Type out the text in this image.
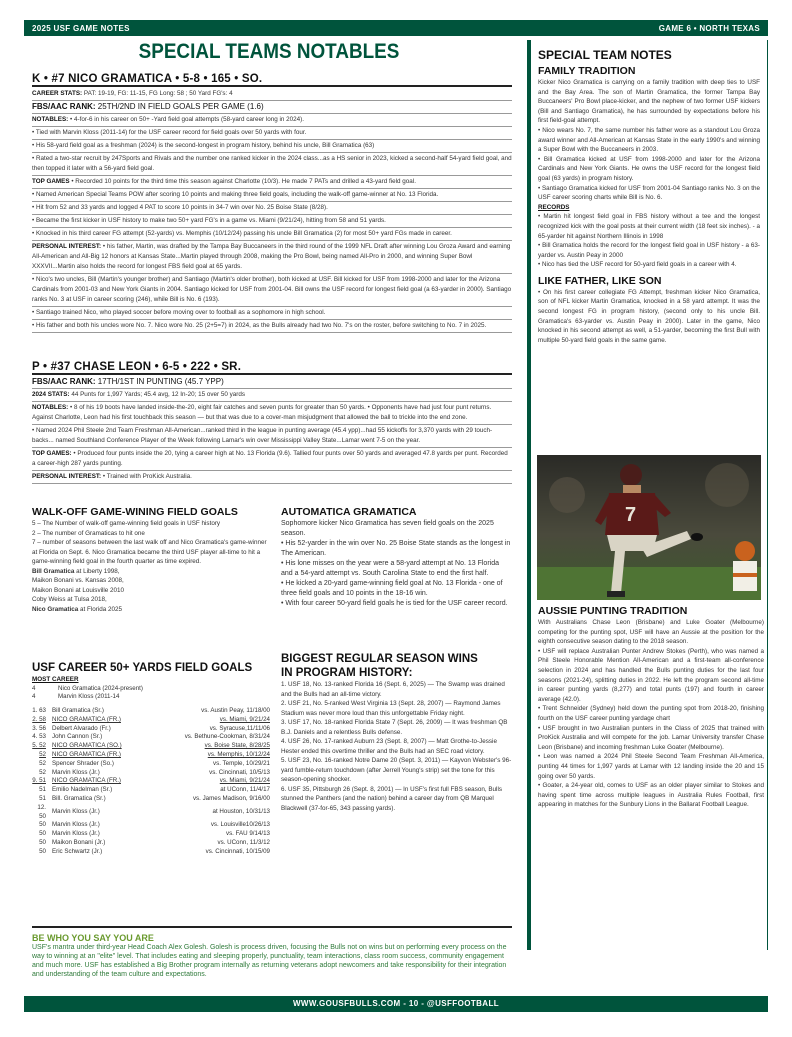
2025 USF GAME NOTES	GAME 6 • NORTH TEXAS
SPECIAL TEAMS NOTABLES
K • #7 NICO GRAMATICA • 5-8 • 165 • SO.
CAREER STATS: PAT: 19-19, FG: 11-15, FG Long: 58 ; 50 Yard FG's: 4
FBS/AAC RANK: 25TH/2ND IN FIELD GOALS PER GAME (1.6)
NOTABLES: • 4-for-6 in his career on 50+ -Yard field goal attempts (58-yard career long in 2024).
• Tied with Marvin Kloss (2011-14) for the USF career record for field goals over 50 yards with four.
• His 58-yard field goal as a freshman (2024) is the second-longest in program history, behind his uncle, Bill Gramatica (63)
• Rated a two-star recruit by 247Sports and Rivals and the number one ranked kicker in the 2024 class...as a HS senior in 2023, kicked a second-half 54-yard field goal, and then topped it later with a 56-yard field goal.
TOP GAMES • Recorded 10 points for the third time this season against Charlotte (10/3). He made 7 PATs and drilled a 43-yard field goal.
• Named American Special Teams POW after scoring 10 points and making three field goals, including the walk-off game-winner at No. 13 Florida.
• Hit from 52 and 33 yards and logged 4 PAT to score 10 points in 34-7 win over No. 25 Boise State (8/28).
• Became the first kicker in USF history to make two 50+ yard FG's in a game vs. Miami (9/21/24), hitting from 58 and 51 yards.
• Knocked in his third career FG attempt (52-yards) vs. Memphis (10/12/24) passing his uncle Bill Gramatica (2) for most 50+ yard FGs made in career.
PERSONAL INTEREST: • his father, Martin, was drafted by the Tampa Bay Buccaneers in the third round of the 1999 NFL Draft after winning Lou Groza Award and earning All-American and All-Big 12 honors at Kansas State...Martin played through 2008, making the Pro Bowl, being named All-Pro in 2000, and winning Super Bowl XXXVII...Martin also holds the record for longest FBS field goal at 65 yards.
• Nico's two uncles, Bill (Martin's younger brother) and Santiago (Martin's older brother), both kicked at USF. Bill kicked for USF from 1998-2000 and later for the Arizona Cardinals from 2001-03 and New York Giants in 2004. Santiago kicked for USF from 2001-04. Bill owns the USF record for longest field goal (a 63-yarder in 2000). Santiago ranks No. 3 at USF in career scoring (246), while Bill is No. 6 (193).
• Santiago trained Nico, who played soccer before moving over to football as a sophomore in high school.
• His father and both his uncles wore No. 7. Nico wore No. 25 (2+5=7) in 2024, as the Bulls already had two No. 7's on the roster, before switching to No. 7 in 2025.
P • #37 CHASE LEON • 6-5 • 222 • SR.
FBS/AAC RANK: 17TH/1ST IN PUNTING (45.7 YPP)
2024 STATS: 44 Punts for 1,997 Yards; 45.4 avg, 12 In-20; 15 over 50 yards
NOTABLES: • 8 of his 19 boots have landed inside-the-20, eight fair catches and seven punts for greater than 50 yards. • Opponents have had just four punt returns. Against Charlotte, Leon had his first touchback this season — but that was due to a cover-man misjudgment that allowed the ball to trickle into the end zone.
• Named 2024 Phil Steele 2nd Team Freshman All-American...ranked third in the league in punting average (45.4 ypp)...had 55 kickoffs for 3,370 yards with 29 touch-backs... named Southland Conference Player of the Week following Lamar's win over Mississippi Valley State...Lamar went 7-5 on the year.
TOP GAMES: • Produced four punts inside the 20, tying a career high at No. 13 Florida (9.6). Tallied four punts over 50 yards and averaged 47.8 yards per punt. Recorded a career-high 287 yards punting.
PERSONAL INTEREST: • Trained with ProKick Australia.
WALK-OFF GAME-WINING FIELD GOALS
5 – The Number of walk-off game-winning field goals in USF history
2 – The number of Gramaticas to hit one
7 – number of seasons between the last walk off and Nico Gramatica's game-winner at Florida on Sept. 6. Nico Gramatica became the third USF player all-time to hit a game-winning field goal in the fourth quarter as time expired.
Bill Gramatica at Liberty 1998,
Maikon Bonani vs. Kansas 2008,
Maikon Bonani at Louisville 2010
Coby Weiss at Tulsa 2018,
Nico Gramatica at Florida 2025
USF CAREER 50+ YARDS FIELD GOALS
MOST CAREER
4	Nico Gramatica (2024-present)
4	Marvin Kloss (2011-14
1. 63	Bill Gramatica (Sr.)	vs. Austin Peay, 11/18/00
2. 58	NICO GRAMATICA (FR.)	vs. Miami, 9/21/24
3. 56	Delbert Alvarado (Fr.)	vs. Syracuse,11/11/06
4. 53	John Cannon (Sr.)	vs. Bethune-Cookman, 8/31/24
5. 52	NICO GRAMATICA (SO.)	vs. Boise State, 8/28/25
52	NICO GRAMATICA (FR.)	vs. Memphis, 10/12/24
52	Spencer Shrader (So.)	vs. Temple, 10/29/21
52	Marvin Kloss (Jr.)	vs. Cincinnati, 10/5/13
9. 51	NICO GRAMATICA (FR.)	vs. Miami, 9/21/24
51	Emilio Nadelman (Sr.)	at UConn, 11/4/17
51	Bill. Gramatica (Sr.)	vs. James Madison, 9/16/00
12. 50	Marvin Kloss (Jr.)	at Houston, 10/31/13
50	Marvin Kloss (Jr.)	vs. Louisville10/26/13
50	Marvin Kloss (Jr.)	vs. FAU 9/14/13
50	Maikon Bonani (Jr.)	vs. UConn, 11/3/12
50	Eric Schwartz (Jr.)	vs. Cincinnati, 10/15/09
AUTOMATICA GRAMATICA
Sophomore kicker Nico Gramatica has seven field goals on the 2025 season.
• His 52-yarder in the win over No. 25 Boise State stands as the longest in The American.
• His lone misses on the year were a 58-yard attempt at No. 13 Florida and a 54-yard attempt vs. South Carolina State to end the first half.
• He kicked a 20-yard game-winning field goal at No. 13 Florida - one of three field goals and 10 points in the 18-16 win.
• With four career 50-yard field goals he is tied for the USF career record.
BIGGEST REGULAR SEASON WINS
IN PROGRAM HISTORY:
1. USF 18, No. 13-ranked Florida 16 (Sept. 6, 2025) — The Swamp was drained and the Bulls had an all-time victory.
2. USF 21, No. 5-ranked West Virginia 13 (Sept. 28, 2007) — Raymond James Stadium was never more loud than this unforgettable Friday night.
3. USF 17, No. 18-ranked Florida State 7 (Sept. 26, 2009) — It was freshman QB B.J. Daniels and a relentless Bulls defense.
4. USF 26, No. 17-ranked Auburn 23 (Sept. 8, 2007) — Matt Grothe-to-Jessie Hester ended this overtime thriller and the Bulls had an SEC road victory.
5. USF 23, No. 16-ranked Notre Dame 20 (Sept. 3, 2011) — Kayvon Webster's 96-yard fumble-return touchdown (after Jerrell Young's strip) set the tone for this season-opening shocker.
6. USF 35, Pittsburgh 26 (Sept. 8, 2001) — In USF's first full FBS season, Bulls stunned the Panthers (and the nation) behind a career day from QB Marquel Blackwell (37-for-65, 343 passing yards).
BE WHO YOU SAY YOU ARE
USF's mantra under third-year Head Coach Alex Golesh. Golesh is process driven, focusing the Bulls not on wins but on performing every process on the way to winning at an "elite" level. That includes eating and sleeping properly, punctuality, team interactions, class room success, community engagement and much more. USF has established a Big Brother program internally as returning veterans adopt newcomers and take responsibility for their integration and understanding of the team culture and expectations.
SPECIAL TEAM NOTES
FAMILY TRADITION
Kicker Nico Gramatica is carrying on a family tradition with deep ties to USF and the Bay Area. The son of Martin Gramatica, the former Tampa Bay Buccaneers' Pro Bowl place-kicker, and the nephew of two former USF kickers (Bill and Santiago Gramatica), he has surrounded by expectations before his first field-goal attempt.
• Nico wears No. 7, the same number his father wore as a standout Lou Groza award winner and All-American at Kansas State in the early 1990's and winning a Super Bowl with the Buccaneers in 2003.
• Bill Gramatica kicked at USF from 1998-2000 and later for the Arizona Cardinals and New York Giants. He owns the USF record for the longest field goal (63 yards) in program history.
• Santiago Gramatica kicked for USF from 2001-04 Santiago ranks No. 3 on the USF career scoring charts while Bill is No. 6.
RECORDS
• Martin hit longest field goal in FBS history without a tee and the longest recognized kick with the goal posts at their current width (18 feet six inches). - a 65-yarder hit against Northern Illinois in 1998
• Bill Gramatica holds the record for the longest field goal in USF history - a 63-yarder vs. Austin Peay in 2000
• Nico has tied the USF record for 50-yard field goals in a career with 4.
LIKE FATHER, LIKE SON
• On his first career collegiate FG Attempt, freshman kicker Nico Gramatica, son of NFL kicker Martin Gramatica, knocked in a 58 yard attempt. It was the second longest FG in program history, (second only to his uncle Bill. Gramatica's 63-yarder vs. Austin Peay in 2000). Later in the game, Nico knocked in his second attempt as well, a 51-yarder, becoming the first Bull with multiple 50-yard field goals in the same game.
AUSSIE PUNTING TRADITION
With Australians Chase Leon (Brisbane) and Luke Goater (Melbourne) competing for the punting spot, USF will have an Aussie at the position for the eighth consecutive season dating to the 2018 season.
• USF will replace Australian Punter Andrew Stokes (Perth), who was named a Phil Steele Honorable Mention All-American and a first-team all-conference selection in 2024 and has handled the Bulls punting duties for the last four seasons (2021-24), splitting duties in 2022. He left the program second all-time in career punting yards (8,277) and total punts (197) and fourth in career average (42.0).
• Trent Schneider (Sydney) held down the punting spot from 2018-20, finishing fourth on the USF career punting yardage chart
• USF brought in two Australian punters in the Class of 2025 that trained with ProKick Australia and will compete for the job. Lamar University transfer Chase Leon (Brisbane) and incoming freshman Luke Goater (Melbourne).
• Leon was named a 2024 Phil Steele Second Team Freshman All-America, punting 44 times for 1,997 yards at Lamar with 12 landing inside the 20 and 15 going over 50 yards.
• Goater, a 24-year old, comes to USF as an older player similar to Stokes and having spent time across multiple leagues in Australia Rules Football, first appearing in matches for the Sunbury Lions in the Ballarat Football League.
7
WWW.GOUSFBULLS.COM - 10 - @USFFOOTBALL
